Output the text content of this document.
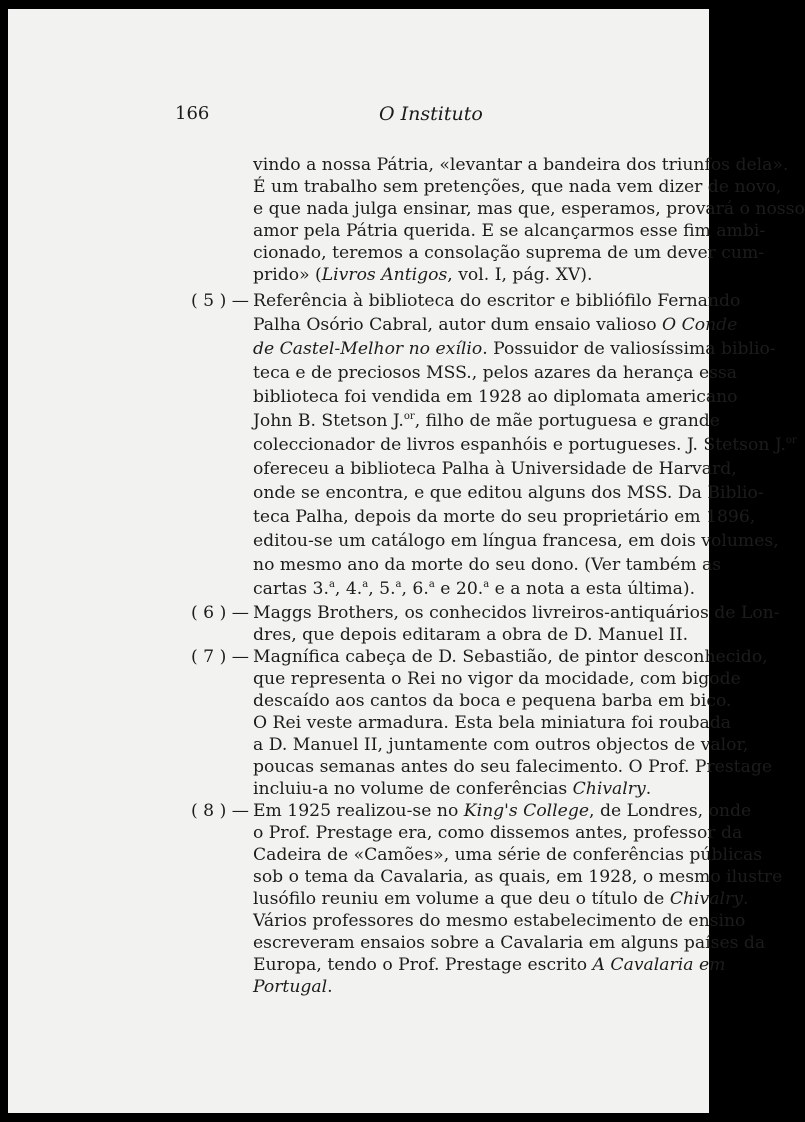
166	O Instituto
vindo a nossa Pátria, «levantar a bandeira dos triunfos dela».
É um trabalho sem pretenções, que nada vem dizer de novo,
e que nada julga ensinar, mas que, esperamos, provará o nosso
amor pela Pátria querida. E se alcançarmos esse fim ambi-
cionado, teremos a consolação suprema de um dever cum-
prido» (Livros Antigos, vol. I, pág. XV).
( 5 ) — Referência à biblioteca do escritor e bibliófilo Fernando
Palha Osório Cabral, autor dum ensaio valioso O Conde
de Castel-Melhor no exílio. Possuidor de valiosíssima biblio-
teca e de preciosos MSS., pelos azares da herança essa
biblioteca foi vendida em 1928 ao diplomata americano
John B. Stetson J.$^{or}$, filho de mãe portuguesa e grande
coleccionador de livros espanhóis e portugueses. J. Stetson J.$^{or}$
ofereceu a biblioteca Palha à Universidade de Harvard,
onde se encontra, e que editou alguns dos MSS. Da Biblio-
teca Palha, depois da morte do seu proprietário em 1896,
editou-se um catálogo em língua francesa, em dois volumes,
no mesmo ano da morte do seu dono. (Ver também as
cartas 3.$^a$, 4.$^a$, 5.$^a$, 6.$^a$ e 20.$^a$ e a nota a esta última).
( 6 ) — Maggs Brothers, os conhecidos livreiros-antiquários de Lon-
dres, que depois editaram a obra de D. Manuel II.
( 7 ) — Magnífica cabeça de D. Sebastião, de pintor desconhecido,
que representa o Rei no vigor da mocidade, com bigode
descaído aos cantos da boca e pequena barba em bico.
O Rei veste armadura. Esta bela miniatura foi roubada
a D. Manuel II, juntamente com outros objectos de valor,
poucas semanas antes do seu falecimento. O Prof. Prestage
incluiu-a no volume de conferências Chivalry.
( 8 ) — Em 1925 realizou-se no King's College, de Londres, onde
o Prof. Prestage era, como dissemos antes, professor da
Cadeira de «Camões», uma série de conferências públicas
sob o tema da Cavalaria, as quais, em 1928, o mesmo ilustre
lusófilo reuniu em volume a que deu o título de Chivalry.
Vários professores do mesmo estabelecimento de ensino
escreveram ensaios sobre a Cavalaria em alguns países da
Europa, tendo o Prof. Prestage escrito A Cavalaria em
Portugal.
